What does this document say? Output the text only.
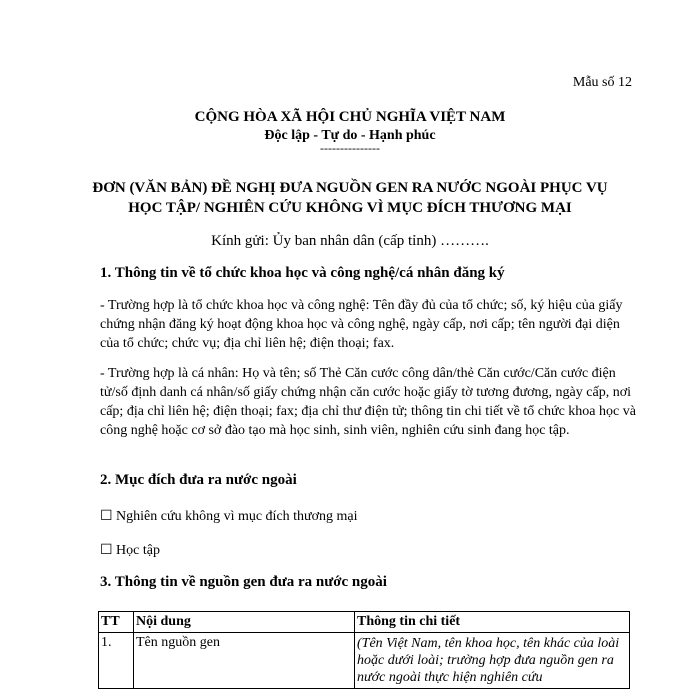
Mẫu số 12
CỘNG HÒA XÃ HỘI CHỦ NGHĨA VIỆT NAM
Độc lập - Tự do - Hạnh phúc
---------------
ĐƠN (VĂN BẢN) ĐỀ NGHỊ ĐƯA NGUỒN GEN RA NƯỚC NGOÀI PHỤC VỤ
HỌC TẬP/ NGHIÊN CỨU KHÔNG VÌ MỤC ĐÍCH THƯƠNG MẠI
Kính gửi: Ủy ban nhân dân (cấp tỉnh) ……….
1. Thông tin về tổ chức khoa học và công nghệ/cá nhân đăng ký
- Trường hợp là tổ chức khoa học và công nghệ: Tên đầy đủ của tổ chức; số, ký hiệu của giấy chứng nhận đăng ký hoạt động khoa học và công nghệ, ngày cấp, nơi cấp; tên người đại diện của tổ chức; chức vụ; địa chỉ liên hệ; điện thoại; fax.
- Trường hợp là cá nhân: Họ và tên; số Thẻ Căn cước công dân/thẻ Căn cước/Căn cước điện tử/số định danh cá nhân/số giấy chứng nhận căn cước hoặc giấy tờ tương đương, ngày cấp, nơi cấp; địa chỉ liên hệ; điện thoại; fax; địa chỉ thư điện tử; thông tin chi tiết về tổ chức khoa học và công nghệ hoặc cơ sở đào tạo mà học sinh, sinh viên, nghiên cứu sinh đang học tập.
2. Mục đích đưa ra nước ngoài
☐ Nghiên cứu không vì mục đích thương mại
☐ Học tập
3. Thông tin về nguồn gen đưa ra nước ngoài
TT	Nội dung	Thông tin chi tiết
1.	Tên nguồn gen	(Tên Việt Nam, tên khoa học, tên khác của loài hoặc dưới loài; trường hợp đưa nguồn gen ra nước ngoài thực hiện nghiên cứu
